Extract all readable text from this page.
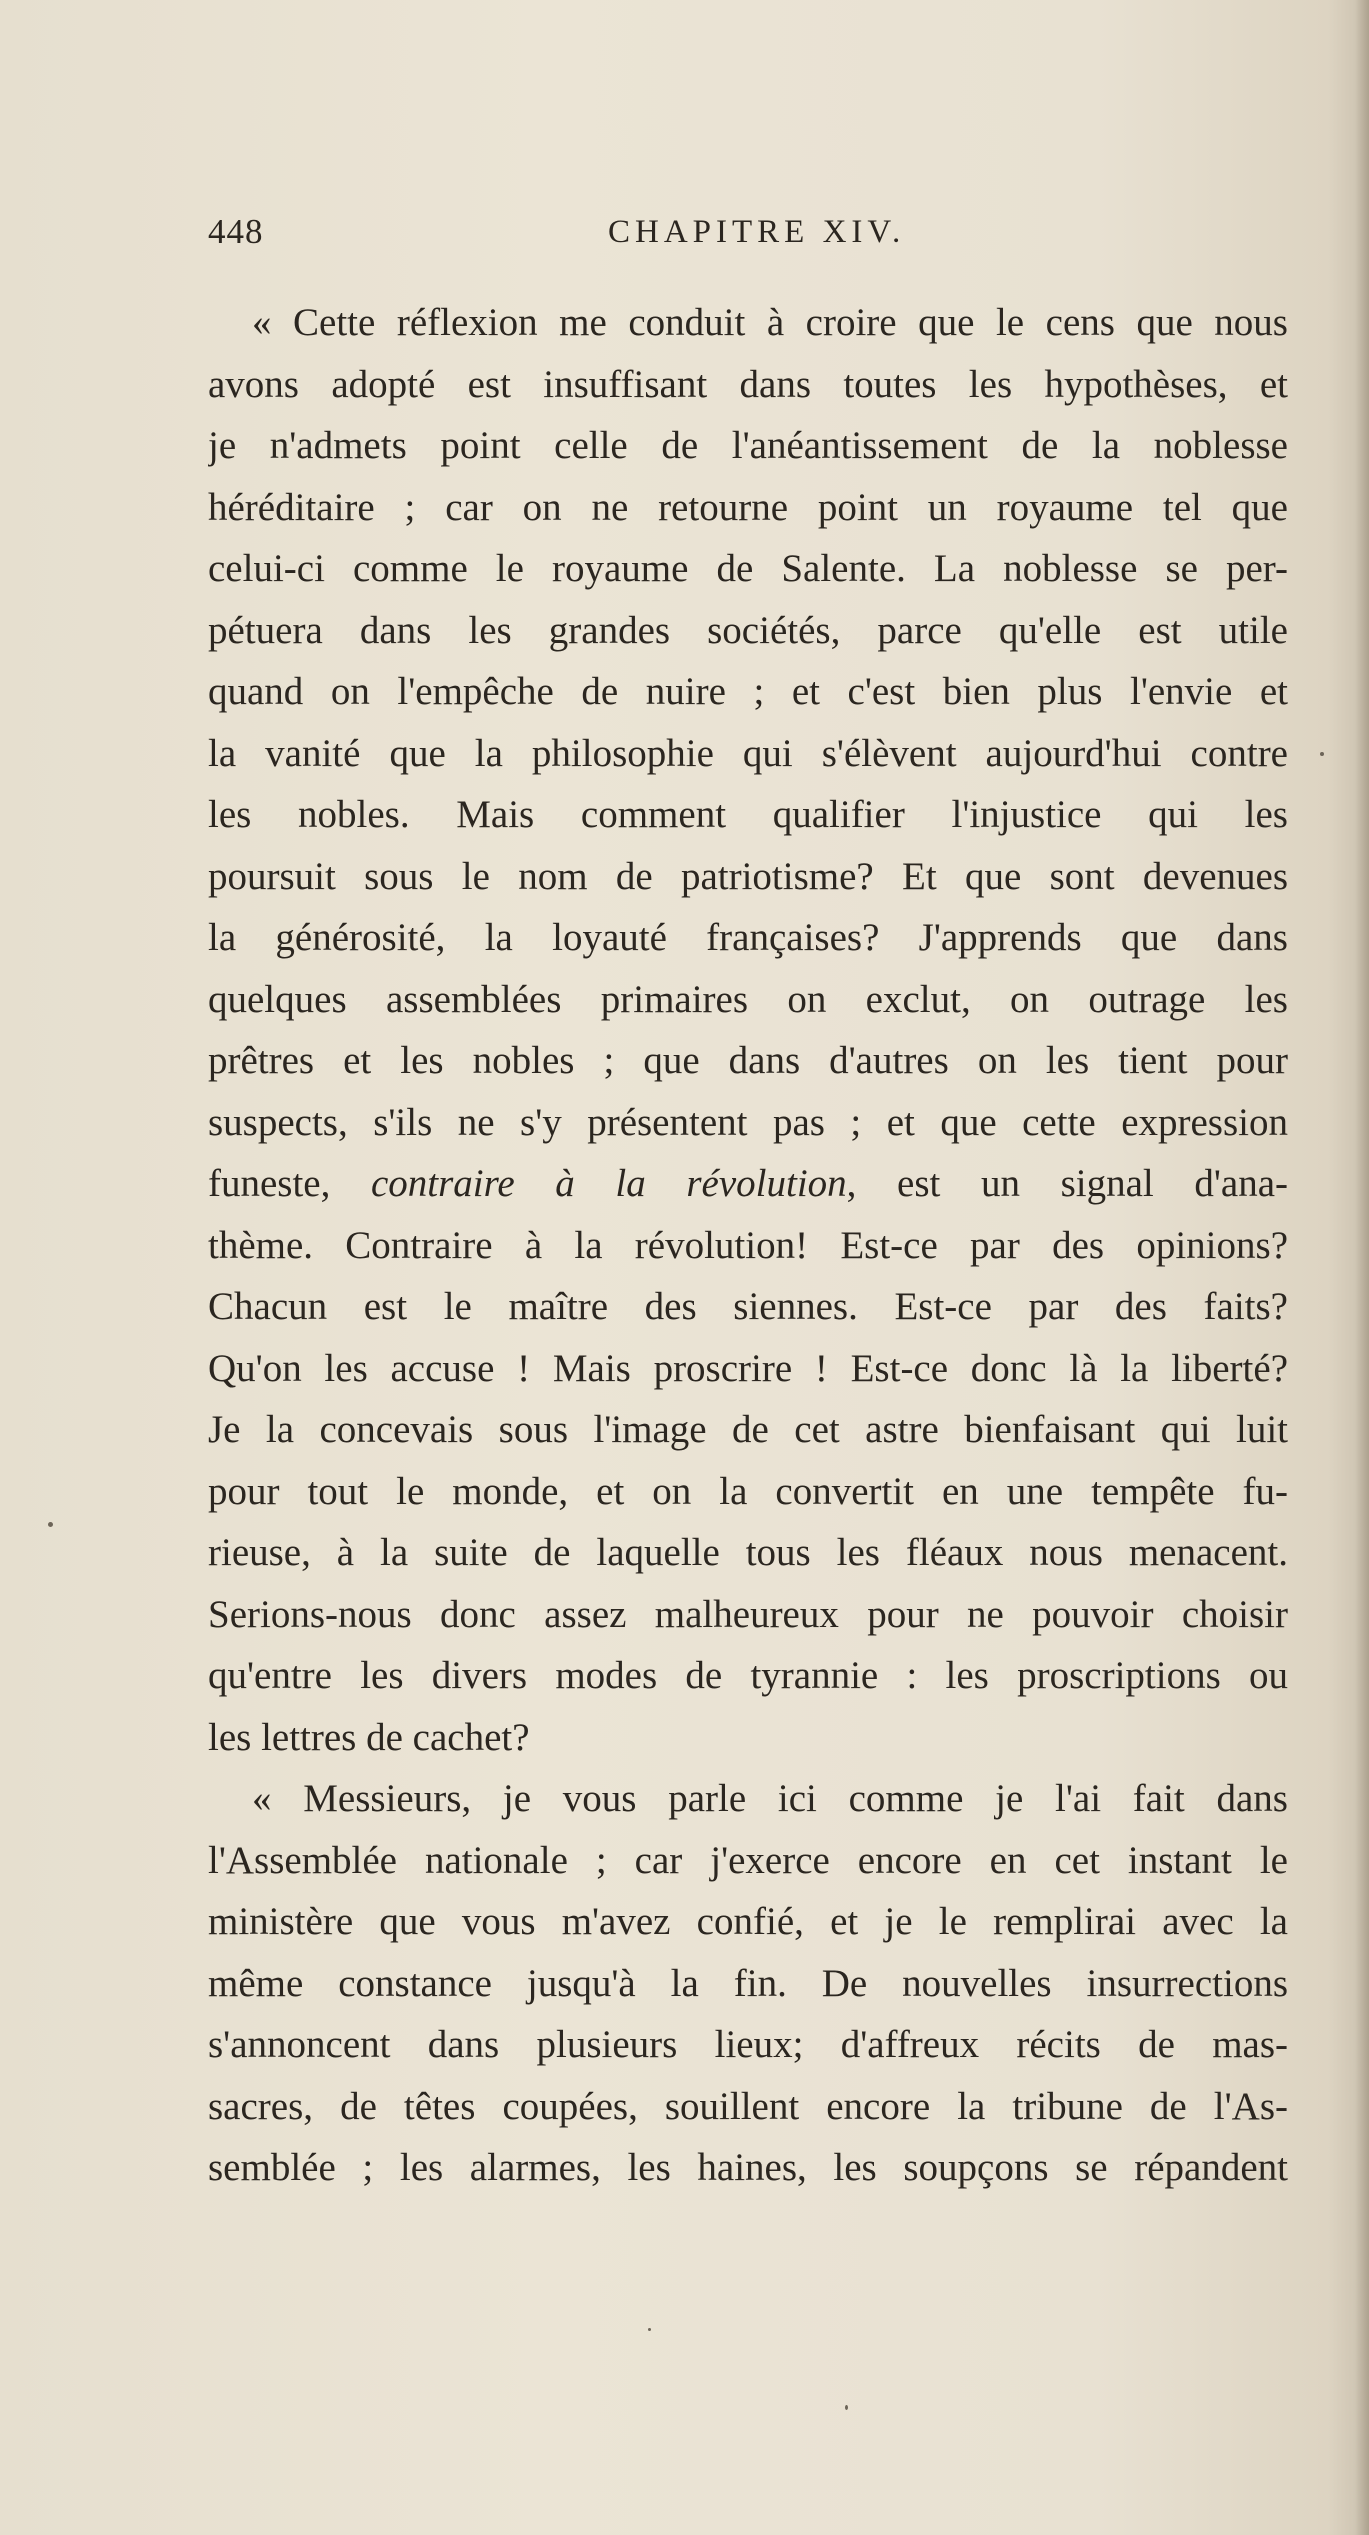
448	CHAPITRE XIV.
« Cette réflexion me conduit à croire que le cens que nous
avons adopté est insuffisant dans toutes les hypothèses, et
je n'admets point celle de l'anéantissement de la noblesse
héréditaire ; car on ne retourne point un royaume tel que
celui-ci comme le royaume de Salente. La noblesse se per-
pétuera dans les grandes sociétés, parce qu'elle est utile
quand on l'empêche de nuire ; et c'est bien plus l'envie et
la vanité que la philosophie qui s'élèvent aujourd'hui contre
les nobles. Mais comment qualifier l'injustice qui les
poursuit sous le nom de patriotisme? Et que sont devenues
la générosité, la loyauté françaises? J'apprends que dans
quelques assemblées primaires on exclut, on outrage les
prêtres et les nobles ; que dans d'autres on les tient pour
suspects, s'ils ne s'y présentent pas ; et que cette expression
funeste, contraire à la révolution, est un signal d'ana-
thème. Contraire à la révolution! Est-ce par des opinions?
Chacun est le maître des siennes. Est-ce par des faits?
Qu'on les accuse ! Mais proscrire ! Est-ce donc là la liberté?
Je la concevais sous l'image de cet astre bienfaisant qui luit
pour tout le monde, et on la convertit en une tempête fu-
rieuse, à la suite de laquelle tous les fléaux nous menacent.
Serions-nous donc assez malheureux pour ne pouvoir choisir
qu'entre les divers modes de tyrannie : les proscriptions ou
les lettres de cachet?
« Messieurs, je vous parle ici comme je l'ai fait dans
l'Assemblée nationale ; car j'exerce encore en cet instant le
ministère que vous m'avez confié, et je le remplirai avec la
même constance jusqu'à la fin. De nouvelles insurrections
s'annoncent dans plusieurs lieux; d'affreux récits de mas-
sacres, de têtes coupées, souillent encore la tribune de l'As-
semblée ; les alarmes, les haines, les soupçons se répandent
